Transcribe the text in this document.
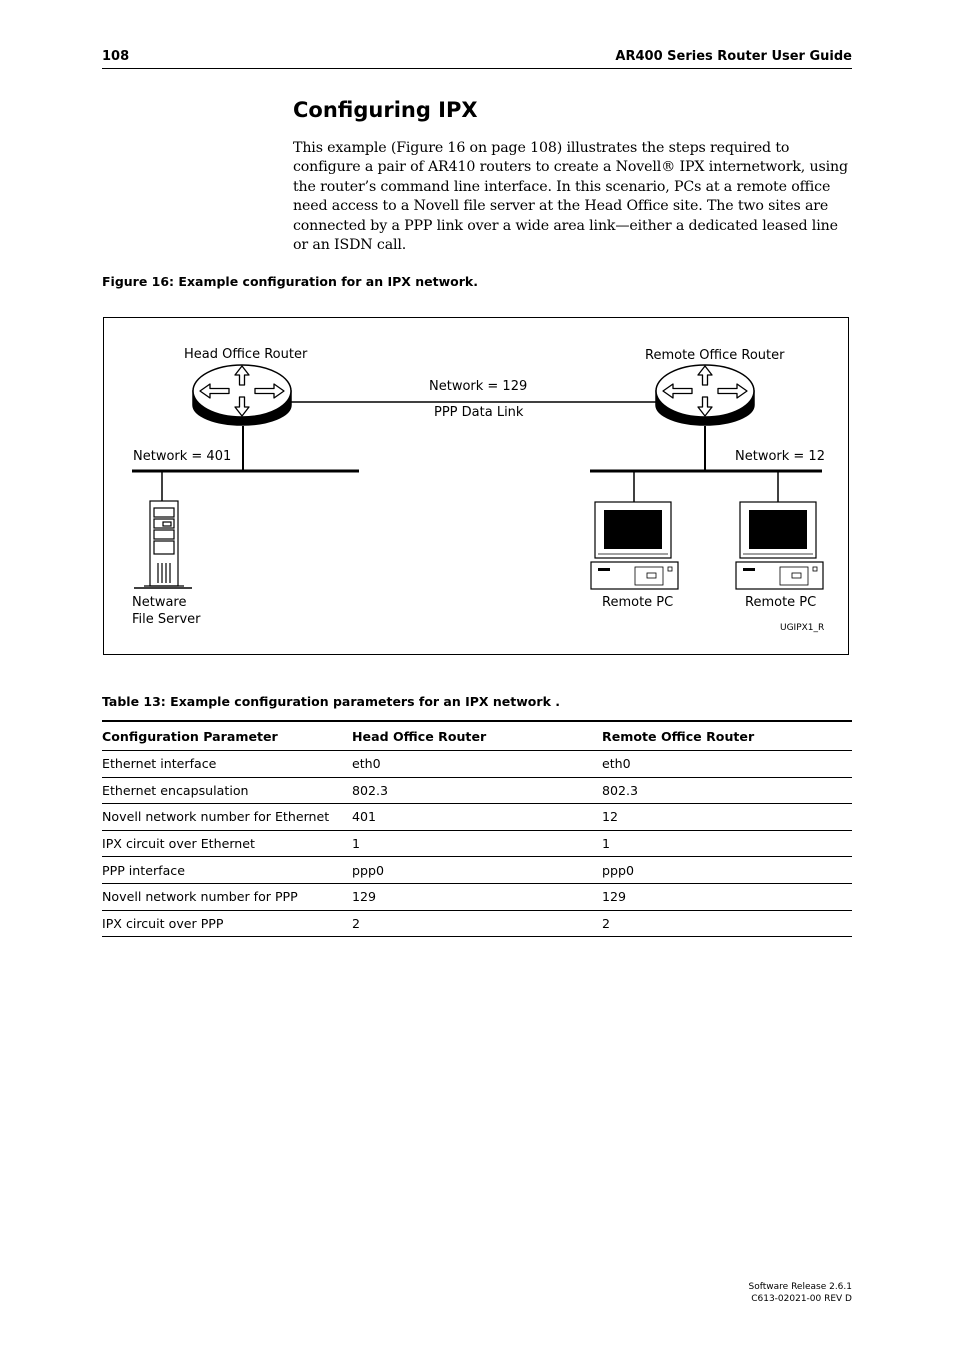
108	AR400 Series Router User Guide
Configuring IPX

This example (Figure 16 on page 108) illustrates the steps required to configure a pair of AR410 routers to create a Novell® IPX internetwork, using the router’s command line interface. In this scenario, PCs at a remote office need access to a Novell file server at the Head Office site. The two sites are connected by a PPP link over a wide area link—either a dedicated leased line or an ISDN call.

Figure 16: Example configuration for an IPX network.
Head Office Router	Remote Office Router
Network = 129
PPP Data Link
Network = 401	Network = 12
Netware
File Server
Remote PC	Remote PC
UGIPX1_R
Table 13: Example configuration parameters for an IPX network .
Configuration Parameter	Head Office Router	Remote Office Router
Ethernet interface	eth0	eth0
Ethernet encapsulation	802.3	802.3
Novell network number for Ethernet	401	12
IPX circuit over Ethernet	1	1
PPP interface	ppp0	ppp0
Novell network number for PPP	129	129
IPX circuit over PPP	2	2
Software Release 2.6.1
C613-02021-00 REV D
